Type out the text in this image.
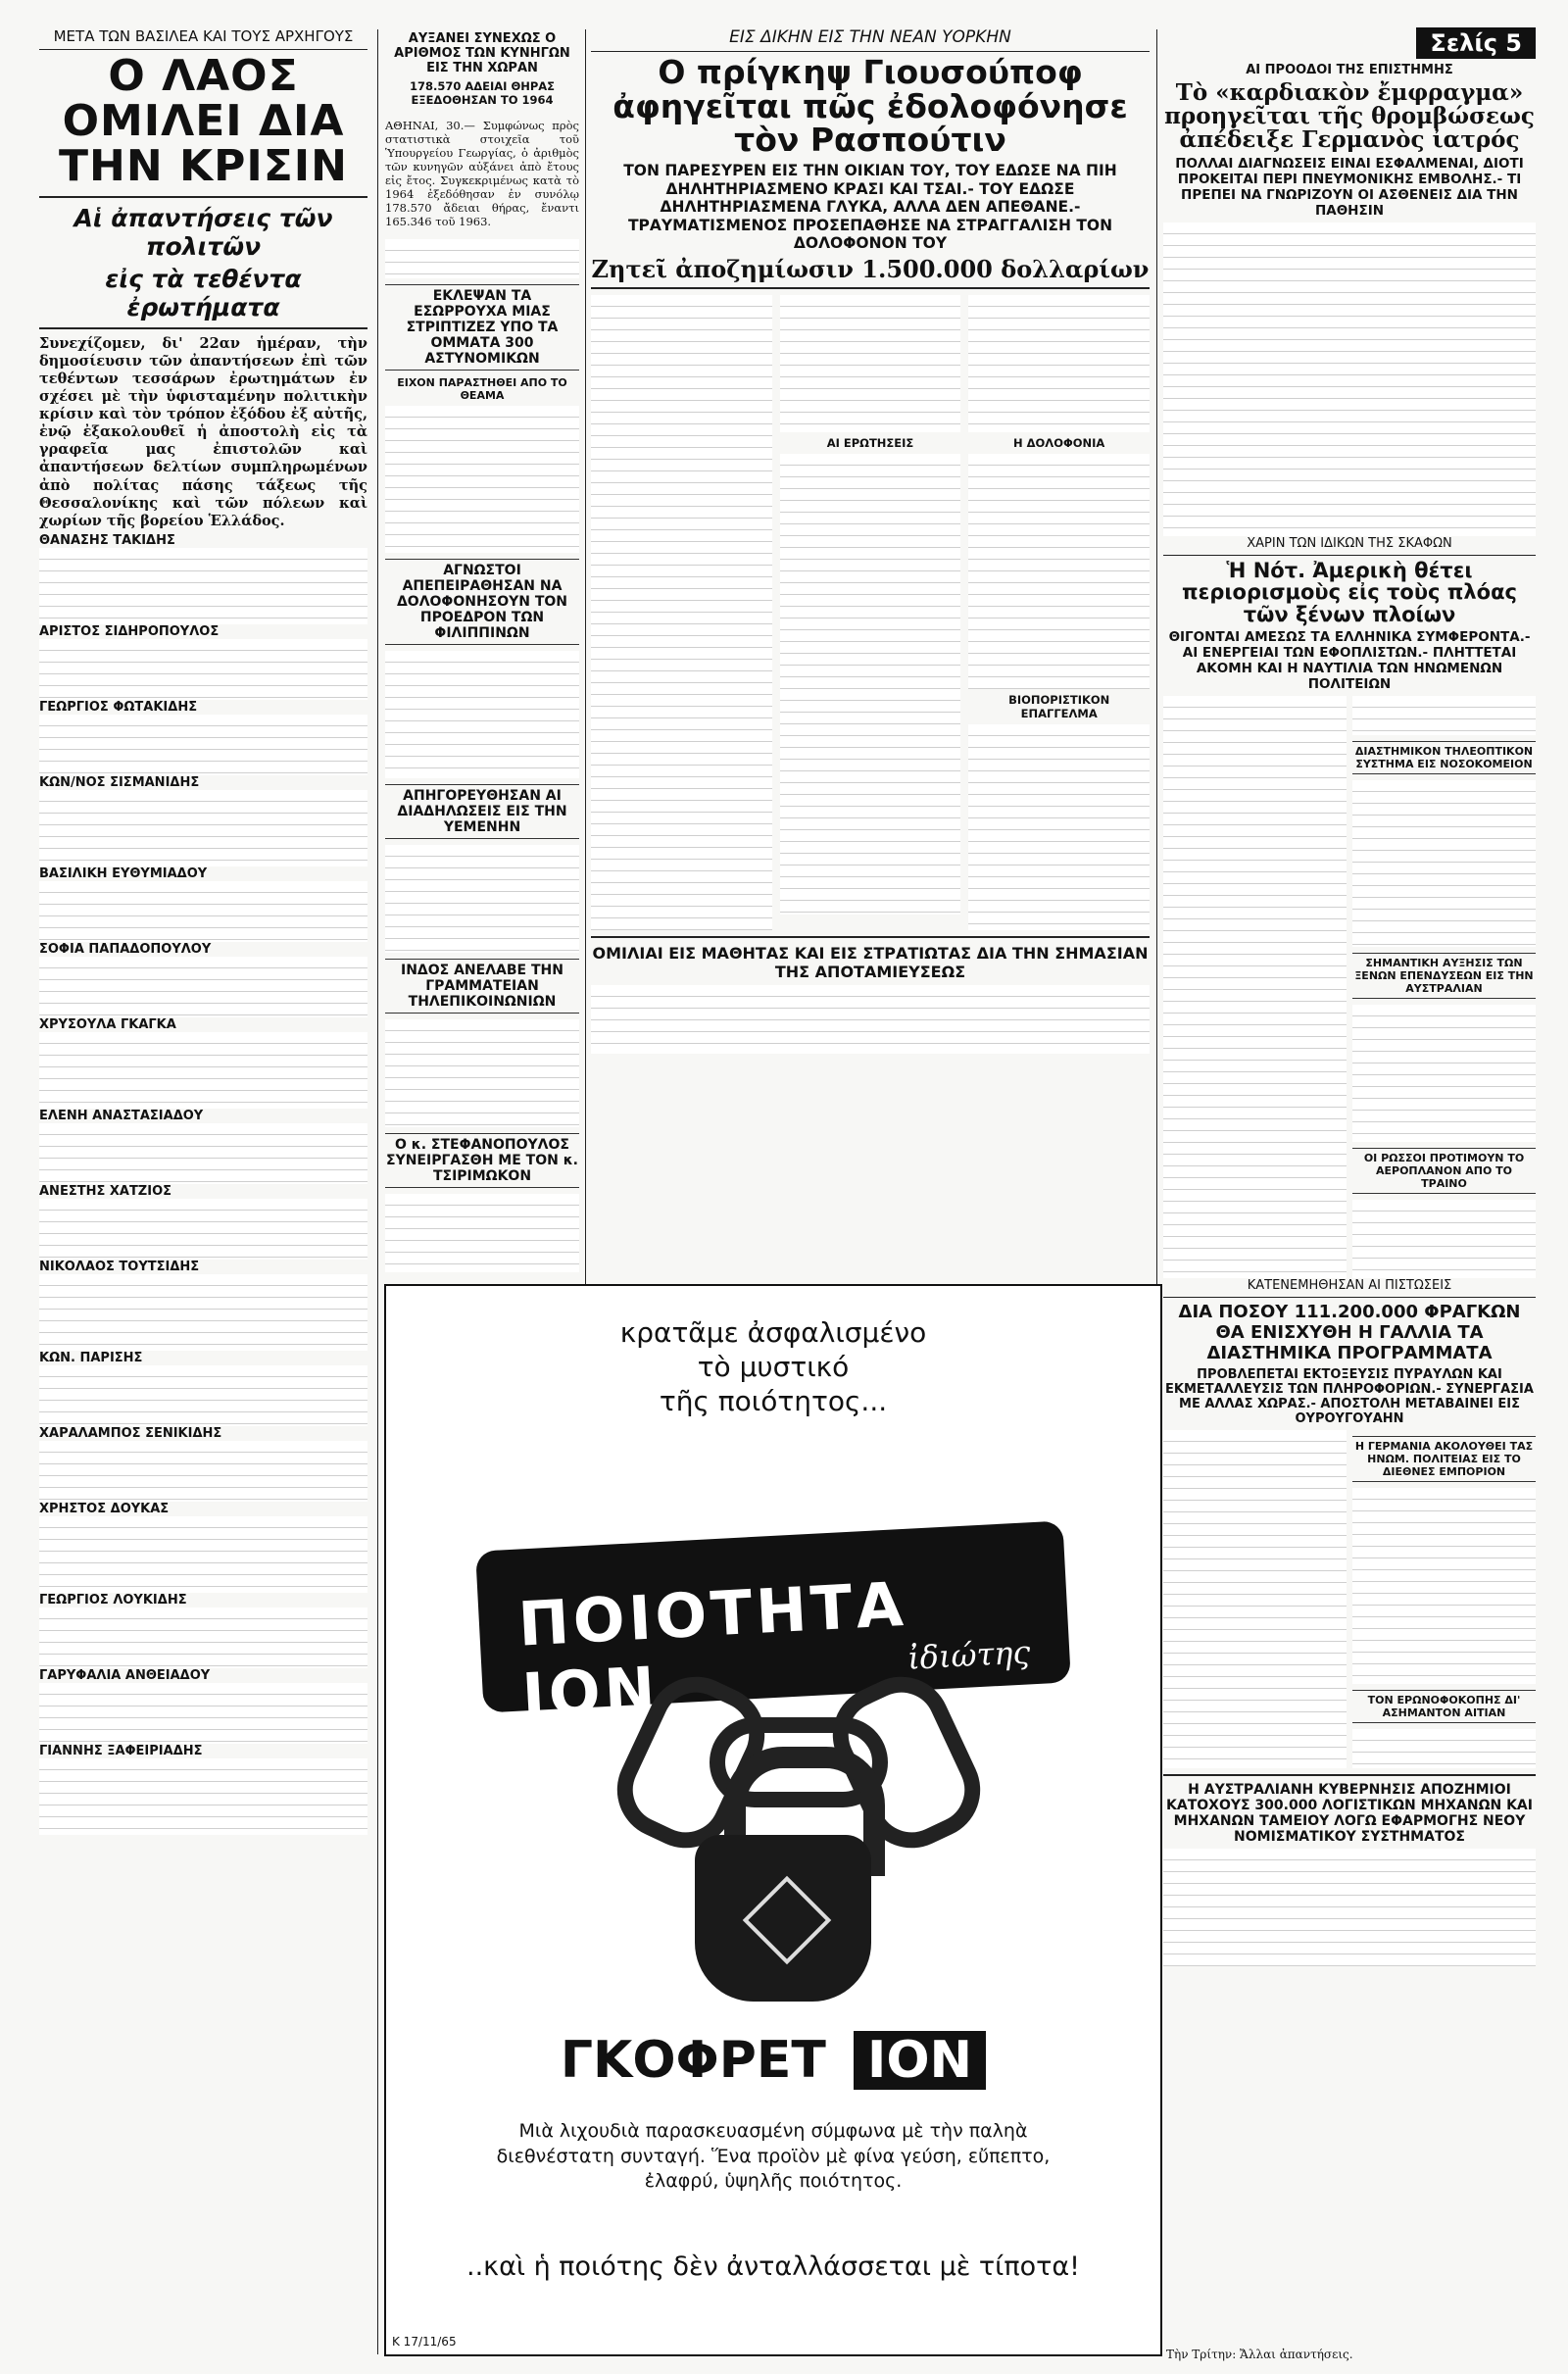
ΜΕΤΑ ΤΩΝ ΒΑΣΙΛΕΑ ΚΑΙ ΤΟΥΣ ΑΡΧΗΓΟΥΣ
Ο ΛΑΟΣ ΟΜΙΛΕΙ ΔΙΑ ΤΗΝ ΚΡΙΣΙΝ
Αἱ ἀπαντήσεις τῶν πολιτῶν
εἰς τὰ τεθέντα ἐρωτήματα

Συνεχίζομεν, δι' 22αν ἡμέραν, τὴν δημοσίευσιν τῶν ἀπαντήσεων ἐπὶ τῶν τεθέντων τεσσάρων ἐρωτημάτων ἐν σχέσει μὲ τὴν ὑφισταμένην πολιτικὴν κρίσιν καὶ τὸν τρόπον ἐξόδου ἐξ αὐτῆς, ἐνῷ ἐξακολουθεῖ ἡ ἀποστολὴ εἰς τὰ γραφεῖα μας ἐπιστολῶν καὶ ἀπαντήσεων δελτίων συμπληρωμένων ἀπὸ πολίτας πάσης τάξεως τῆς Θεσσαλονίκης καὶ τῶν πόλεων καὶ χωρίων τῆς βορείου Ἑλλάδος.

ΘΑΝΑΣΗΣ ΤΑΚΙΔΗΣ
ΑΡΙΣΤΟΣ ΣΙΔΗΡΟΠΟΥΛΟΣ
ΓΕΩΡΓΙΟΣ ΦΩΤΑΚΙΔΗΣ
ΚΩΝ/ΝΟΣ ΣΙΣΜΑΝΙΔΗΣ
ΒΑΣΙΛΙΚΗ ΕΥΘΥΜΙΑΔΟΥ
ΣΟΦΙΑ ΠΑΠΑΔΟΠΟΥΛΟΥ
ΧΡΥΣΟΥΛΑ ΓΚΑΓΚΑ
ΕΛΕΝΗ ΑΝΑΣΤΑΣΙΑΔΟΥ
ΑΝΕΣΤΗΣ ΧΑΤΖΙΟΣ
ΝΙΚΟΛΑΟΣ ΤΟΥΤΣΙΔΗΣ
ΚΩΝ. ΠΑΡΙΣΗΣ
ΧΑΡΑΛΑΜΠΟΣ ΣΕΝΙΚΙΔΗΣ
ΧΡΗΣΤΟΣ ΔΟΥΚΑΣ
ΓΕΩΡΓΙΟΣ ΛΟΥΚΙΔΗΣ
ΓΑΡΥΦΑΛΙΑ ΑΝΘΕΙΑΔΟΥ
ΓΙΑΝΝΗΣ ΞΑΦΕΙΡΙΑΔΗΣ
ΑΥΞΑΝΕΙ ΣΥΝΕΧΩΣ Ο ΑΡΙΘΜΟΣ ΤΩΝ ΚΥΝΗΓΩΝ ΕΙΣ ΤΗΝ ΧΩΡΑΝ
178.570 ΑΔΕΙΑΙ ΘΗΡΑΣ ΕΞΕΔΟΘΗΣΑΝ ΤΟ 1964

ΑΘΗΝΑΙ, 30.— Συμφώνως πρὸς στατιστικὰ στοιχεῖα τοῦ Ὑπουργείου Γεωργίας, ὁ ἀριθμὸς τῶν κυνηγῶν αὐξάνει ἀπὸ ἔτους εἰς ἔτος. Συγκεκριμένως κατὰ τὸ 1964 ἐξεδόθησαν ἐν συνόλῳ 178.570 ἄδειαι θήρας, ἔναντι 165.346 τοῦ 1963.

ΕΚΛΕΨΑΝ ΤΑ ΕΣΩΡΡΟΥΧΑ ΜΙΑΣ ΣΤΡΙΠΤΙΖΕΖ ΥΠΟ ΤΑ ΟΜΜΑΤΑ 300 ΑΣΤΥΝΟΜΙΚΩΝ
ΕΙΧΟΝ ΠΑΡΑΣΤΗΘΕΙ ΑΠΟ ΤΟ ΘΕΑΜΑ
ΑΓΝΩΣΤΟΙ ΑΠΕΠΕΙΡΑΘΗΣΑΝ ΝΑ ΔΟΛΟΦΟΝΗΣΟΥΝ ΤΟΝ ΠΡΟΕΔΡΟΝ ΤΩΝ ΦΙΛΙΠΠΙΝΩΝ
ΑΠΗΓΟΡΕΥΘΗΣΑΝ ΑΙ ΔΙΑΔΗΛΩΣΕΙΣ ΕΙΣ ΤΗΝ ΥΕΜΕΝΗΝ
ΙΝΔΟΣ ΑΝΕΛΑΒΕ ΤΗΝ ΓΡΑΜΜΑΤΕΙΑΝ ΤΗΛΕΠΙΚΟΙΝΩΝΙΩΝ
Ο κ. ΣΤΕΦΑΝΟΠΟΥΛΟΣ ΣΥΝΕΙΡΓΑΣΘΗ ΜΕ ΤΟΝ κ. ΤΣΙΡΙΜΩΚΟΝ
ΕΙΣ ΔΙΚΗΝ ΕΙΣ ΤΗΝ ΝΕΑΝ ΥΟΡΚΗΝ
Ο πρίγκηψ Γιουσούποφ ἀφηγεῖται πῶς ἐδολοφόνησε τὸν Ρασπούτιν
ΤΟΝ ΠΑΡΕΣΥΡΕΝ ΕΙΣ ΤΗΝ ΟΙΚΙΑΝ ΤΟΥ, ΤΟΥ ΕΔΩΣΕ ΝΑ ΠΙΗ ΔΗΛΗΤΗΡΙΑΣΜΕΝΟ ΚΡΑΣΙ ΚΑΙ ΤΣΑΙ.- ΤΟΥ ΕΔΩΣΕ ΔΗΛΗΤΗΡΙΑΣΜΕΝΑ ΓΛΥΚΑ, ΑΛΛΑ ΔΕΝ ΑΠΕΘΑΝΕ.- ΤΡΑΥΜΑΤΙΣΜΕΝΟΣ ΠΡΟΣΕΠΑΘΗΣΕ ΝΑ ΣΤΡΑΓΓΑΛΙΣΗ ΤΟΝ ΔΟΛΟΦΟΝΟΝ ΤΟΥ
Ζητεῖ ἀποζημίωσιν 1.500.000 δολλαρίων
ΑΙ ΕΡΩΤΗΣΕΙΣ	Η ΔΟΛΟΦΟΝΙΑ
ΒΙΟΠΟΡΙΣΤΙΚΟΝ ΕΠΑΓΓΕΛΜΑ
ΟΜΙΛΙΑΙ ΕΙΣ ΜΑΘΗΤΑΣ ΚΑΙ ΕΙΣ ΣΤΡΑΤΙΩΤΑΣ ΔΙΑ ΤΗΝ ΣΗΜΑΣΙΑΝ ΤΗΣ ΑΠΟΤΑΜΙΕΥΣΕΩΣ
Σελίς 5
ΑΙ ΠΡΟΟΔΟΙ ΤΗΣ ΕΠΙΣΤΗΜΗΣ
Τὸ «καρδιακὸν ἔμφραγμα» προηγεῖται τῆς θρομβώσεως ἀπέδειξε Γερμανὸς ἰατρός
ΠΟΛΛΑΙ ΔΙΑΓΝΩΣΕΙΣ ΕΙΝΑΙ ΕΣΦΑΛΜΕΝΑΙ, ΔΙΟΤΙ ΠΡΟΚΕΙΤΑΙ ΠΕΡΙ ΠΝΕΥΜΟΝΙΚΗΣ ΕΜΒΟΛΗΣ.- ΤΙ ΠΡΕΠΕΙ ΝΑ ΓΝΩΡΙΖΟΥΝ ΟΙ ΑΣΘΕΝΕΙΣ ΔΙΑ ΤΗΝ ΠΑΘΗΣΙΝ
ΧΑΡΙΝ ΤΩΝ ΙΔΙΚΩΝ ΤΗΣ ΣΚΑΦΩΝ
Ἡ Νότ. Ἀμερικὴ θέτει περιορισμοὺς εἰς τοὺς πλόας τῶν ξένων πλοίων
ΘΙΓΟΝΤΑΙ ΑΜΕΣΩΣ ΤΑ ΕΛΛΗΝΙΚΑ ΣΥΜΦΕΡΟΝΤΑ.- ΑΙ ΕΝΕΡΓΕΙΑΙ ΤΩΝ ΕΦΟΠΛΙΣΤΩΝ.- ΠΛΗΤΤΕΤΑΙ ΑΚΟΜΗ ΚΑΙ Η ΝΑΥΤΙΛΙΑ ΤΩΝ ΗΝΩΜΕΝΩΝ ΠΟΛΙΤΕΙΩΝ
ΔΙΑΣΤΗΜΙΚΟΝ ΤΗΛΕΟΠΤΙΚΟΝ ΣΥΣΤΗΜΑ ΕΙΣ ΝΟΣΟΚΟΜΕΙΟΝ
ΣΗΜΑΝΤΙΚΗ ΑΥΞΗΣΙΣ ΤΩΝ ΞΕΝΩΝ ΕΠΕΝΔΥΣΕΩΝ ΕΙΣ ΤΗΝ ΑΥΣΤΡΑΛΙΑΝ
ΟΙ ΡΩΣΣΟΙ ΠΡΟΤΙΜΟΥΝ ΤΟ ΑΕΡΟΠΛΑΝΟΝ ΑΠΟ ΤΟ ΤΡΑΙΝΟ
ΚΑΤΕΝΕΜΗΘΗΣΑΝ ΑΙ ΠΙΣΤΩΣΕΙΣ
ΔΙΑ ΠΟΣΟΥ 111.200.000 ΦΡΑΓΚΩΝ ΘΑ ΕΝΙΣΧΥΘΗ Η ΓΑΛΛΙΑ ΤΑ ΔΙΑΣΤΗΜΙΚΑ ΠΡΟΓΡΑΜΜΑΤΑ
ΠΡΟΒΛΕΠΕΤΑΙ ΕΚΤΟΞΕΥΣΙΣ ΠΥΡΑΥΛΩΝ ΚΑΙ ΕΚΜΕΤΑΛΛΕΥΣΙΣ ΤΩΝ ΠΛΗΡΟΦΟΡΙΩΝ.- ΣΥΝΕΡΓΑΣΙΑ ΜΕ ΑΛΛΑΣ ΧΩΡΑΣ.- ΑΠΟΣΤΟΛΗ ΜΕΤΑΒΑΙΝΕΙ ΕΙΣ ΟΥΡΟΥΓΟΥΑΗΝ
Η ΓΕΡΜΑΝΙΑ ΑΚΟΛΟΥΘΕΙ ΤΑΣ ΗΝΩΜ. ΠΟΛΙΤΕΙΑΣ ΕΙΣ ΤΟ ΔΙΕΘΝΕΣ ΕΜΠΟΡΙΟΝ
ΤΟΝ ΕΡΩΝΟΦΟΚΟΠΗΣ ΔΙ' ΑΣΗΜΑΝΤΟΝ ΑΙΤΙΑΝ
Η ΑΥΣΤΡΑΛΙΑΝΗ ΚΥΒΕΡΝΗΣΙΣ ΑΠΟΖΗΜΙΟΙ ΚΑΤΟΧΟΥΣ 300.000 ΛΟΓΙΣΤΙΚΩΝ ΜΗΧΑΝΩΝ ΚΑΙ ΜΗΧΑΝΩΝ ΤΑΜΕΙΟΥ ΛΟΓΩ ΕΦΑΡΜΟΓΗΣ ΝΕΟΥ ΝΟΜΙΣΜΑΤΙΚΟΥ ΣΥΣΤΗΜΑΤΟΣ
κρατᾶμε ἀσφαλισμένο
τὸ μυστικό
τῆς ποιότητος...
ΠΟΙΟΤΗΤΑ ΙΟΝ	ἰδιώτης
ΓΚΟΦΡΕΤ ΙΟΝ
Μιὰ λιχουδιὰ παρασκευασμένη σύμφωνα μὲ τὴν παληὰ διεθνέστατη συνταγή. Ἕνα προϊὸν μὲ φίνα γεύση, εὔπεπτο, ἐλαφρύ, ὑψηλῆς ποιότητος.
..καὶ ἡ ποιότης δὲν ἀνταλλάσσεται μὲ τίποτα!
K 17/11/65
Τὴν Τρίτην: Ἄλλαι ἀπαντήσεις.
